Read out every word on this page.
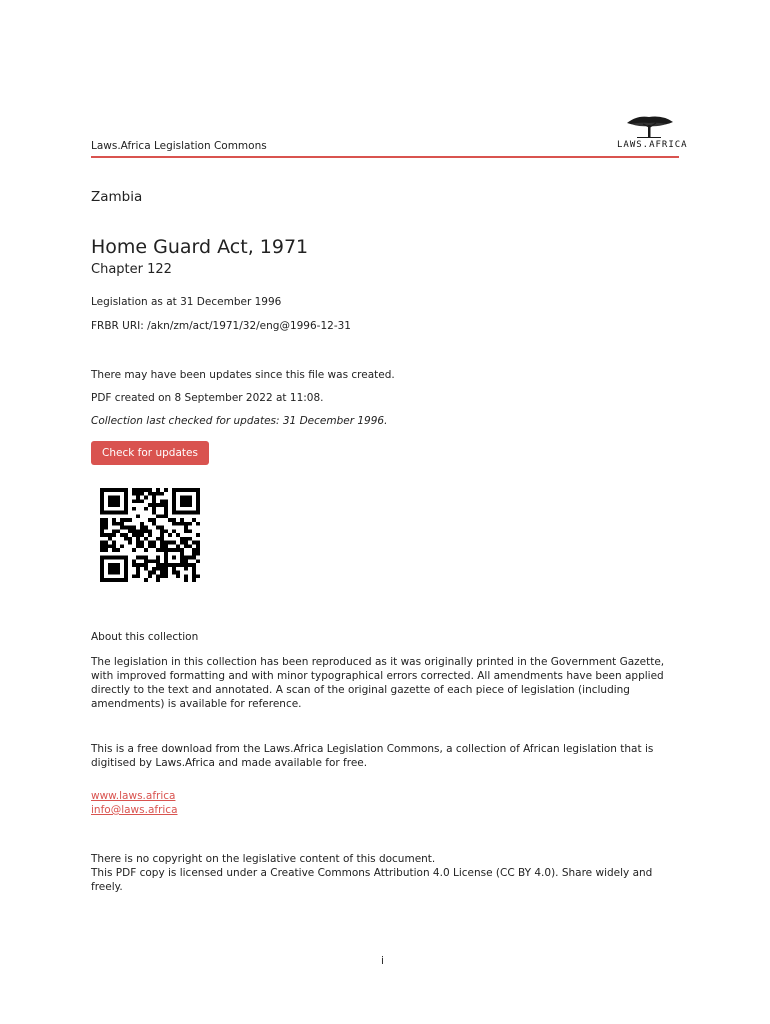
Laws.Africa Legislation Commons	LAWS.AFRICA
Zambia
Home Guard Act, 1971
Chapter 122
Legislation as at 31 December 1996
FRBR URI: /akn/zm/act/1971/32/eng@1996-12-31
There may have been updates since this file was created.
PDF created on 8 September 2022 at 11:08.
Collection last checked for updates: 31 December 1996.
Check for updates
About this collection
The legislation in this collection has been reproduced as it was originally printed in the Government Gazette, with improved formatting and with minor typographical errors corrected. All amendments have been applied directly to the text and annotated. A scan of the original gazette of each piece of legislation (including amendments) is available for reference.
This is a free download from the Laws.Africa Legislation Commons, a collection of African legislation that is digitised by Laws.Africa and made available for free.
www.laws.africa
info@laws.africa
There is no copyright on the legislative content of this document.
This PDF copy is licensed under a Creative Commons Attribution 4.0 License (CC BY 4.0). Share widely and freely.
i
